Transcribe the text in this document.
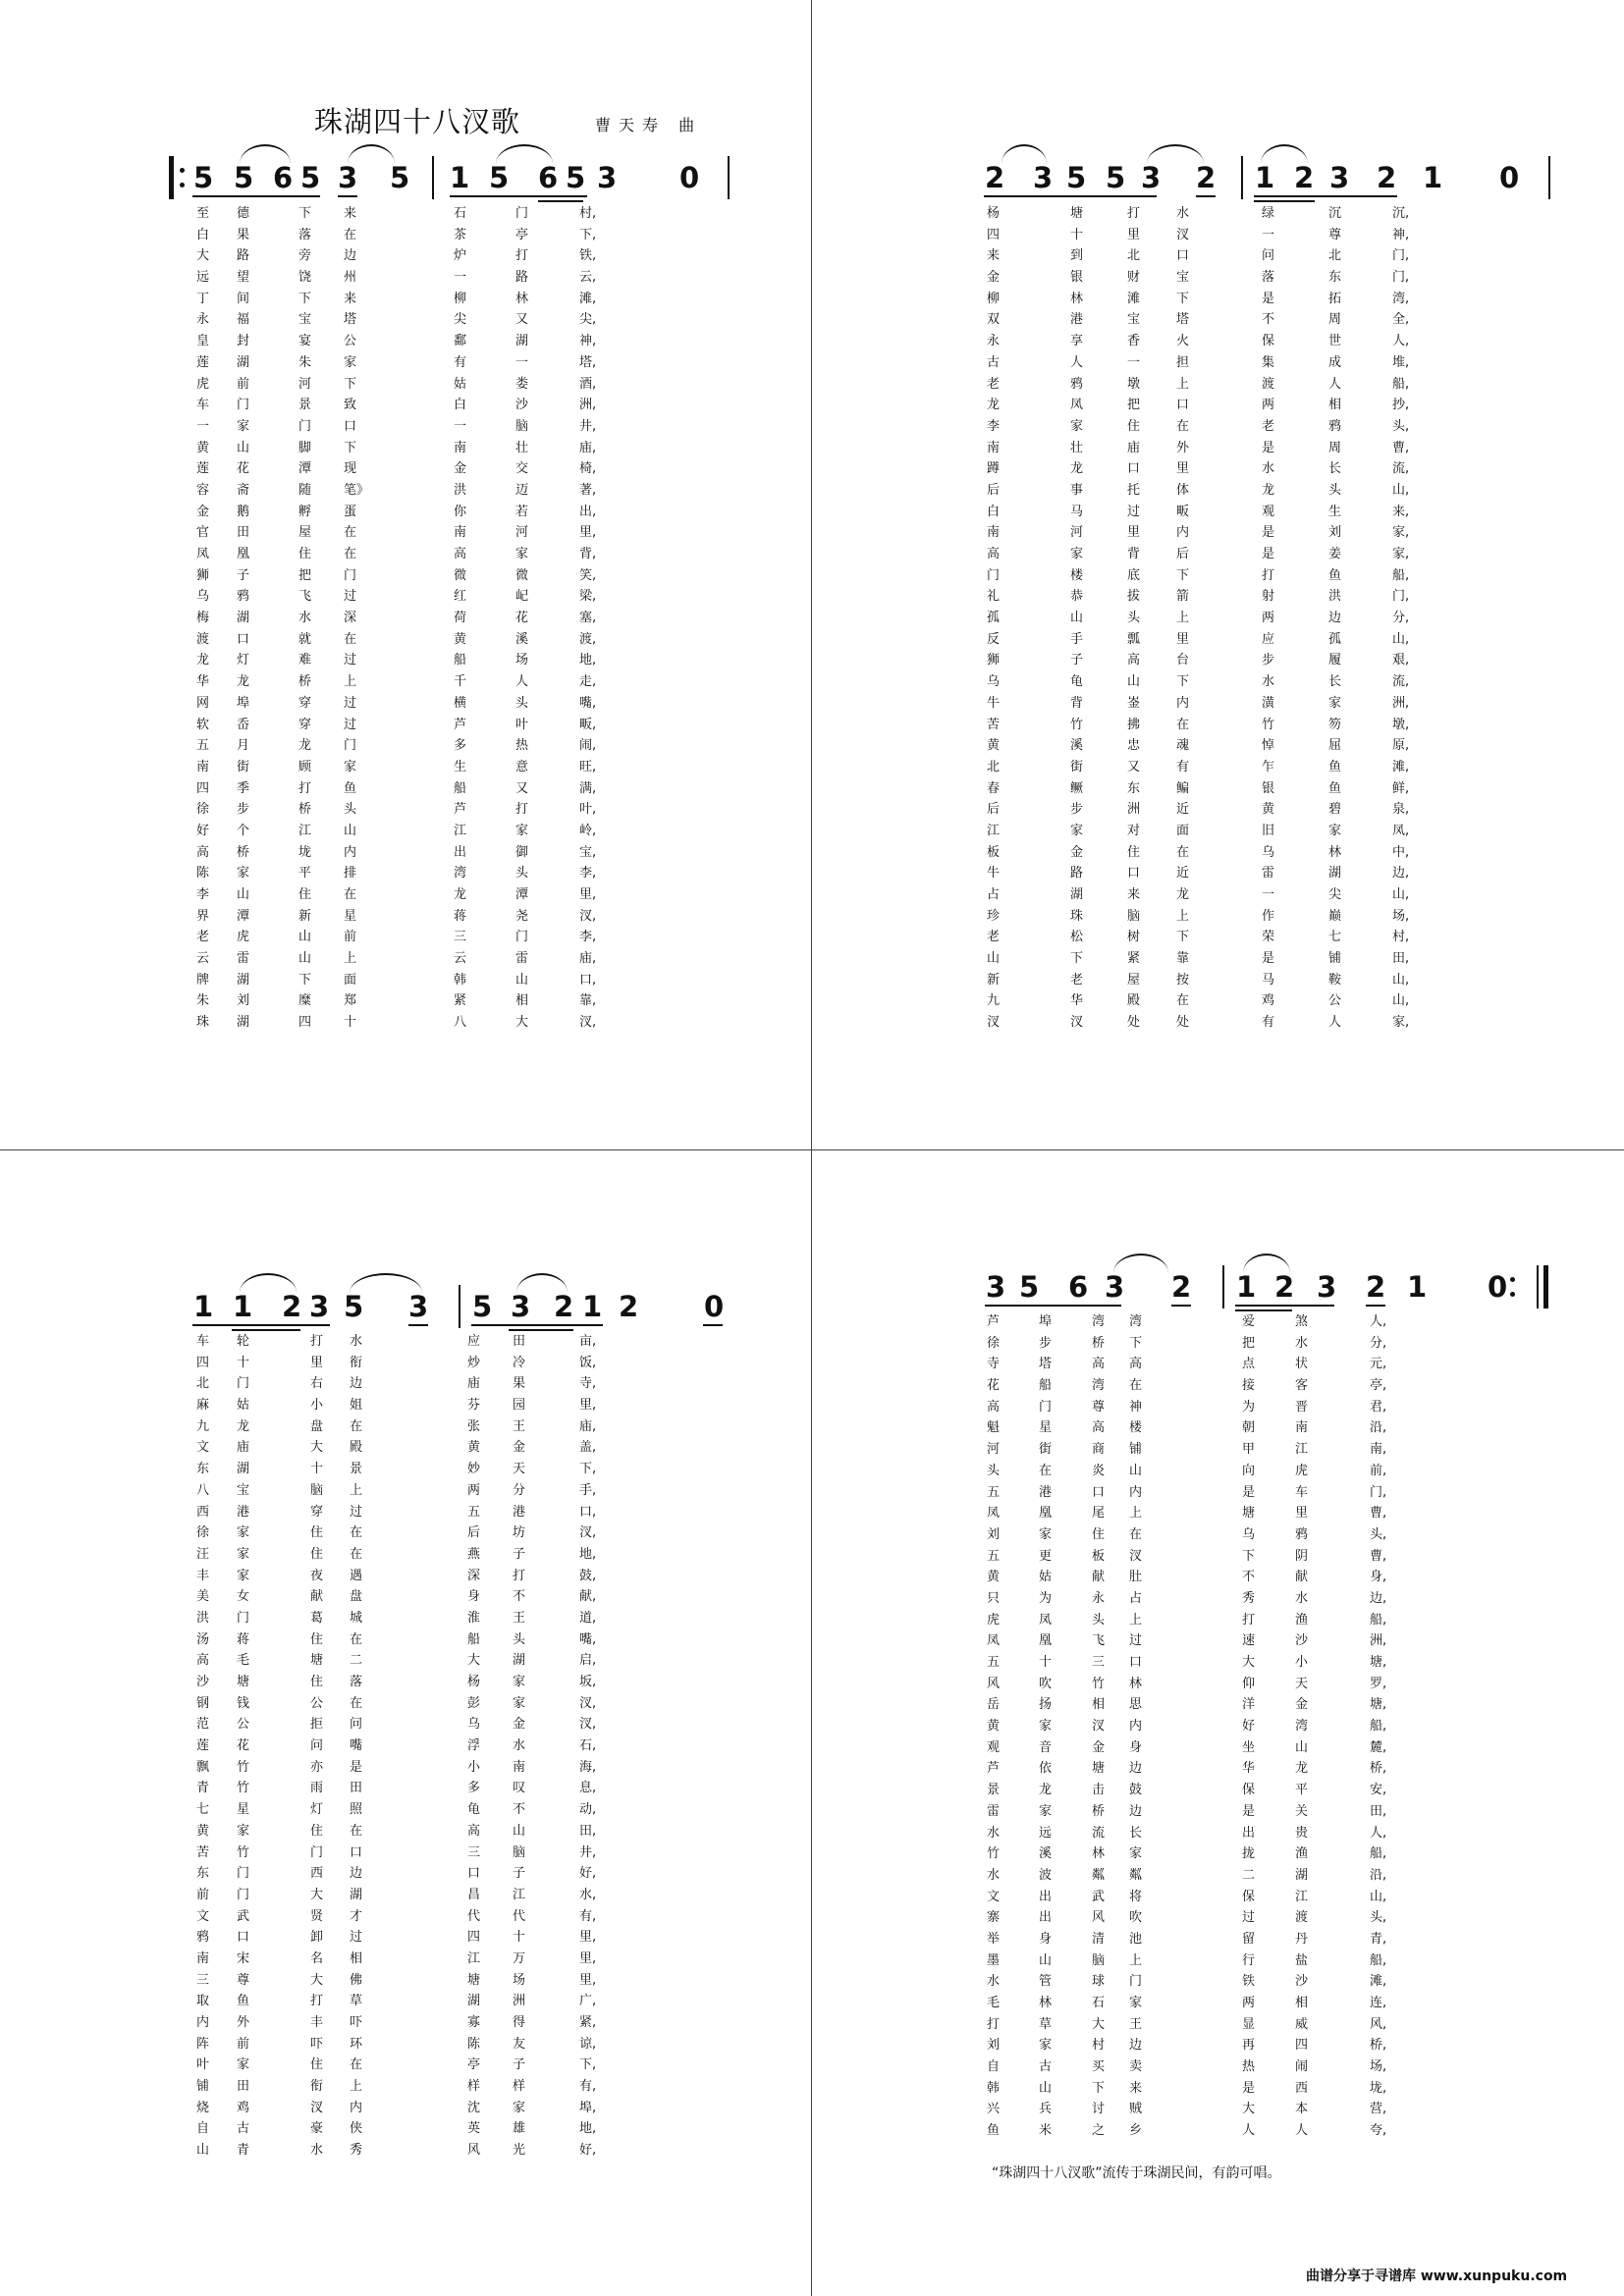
珠湖四十八汊歌	曹天寿 曲
5 5 6 5 3 5 1 5 6 5 3 0	2 3 5 5 3 2 1 2 3 2 1 0
1 1 2 3 5 3 5 3 2 1 2 0
3 5 6 3 2 1 2 3 2 1 0
至 德	下	来	石	门	村,
白 果	落	在	茶	亭	下,
大 路	旁	边	炉	打	铁,
远 望	饶	州	一	路	云,
丁 间	下	来	柳	林	滩,
永 福	宝	塔	尖	又	尖,
皇 封	宴	公	鄱	湖	神,
莲 湖	朱	家	有	一	塔,
虎 前	河	下	姑	娄	酒,
车 门	景	致	白	沙	洲,
一 家	门	口	一	脑	井,
黄 山	脚	下	南	壮	庙,
莲 花	潭	现	金	交	椅,
容 斋	随	笔》	洪	迈	著,
金 鹅	孵	蛋	你	若	出,
官 田	屋	在	南	河	里,
凤 凰	住	在	高	家	背,
狮 子	把	门	微	微	笑,
乌 鸦	飞	过	红	屺	梁,
梅 湖	水	深	荷	花	塞,
渡 口	就	在	黄	溪	渡,
龙 灯	难	过	船	场	地,
华 龙	桥	上	千	人	走,
网 埠	穿	过	横	头	嘴,
软 岙	穿	过	芦	叶	畈,
五 月	龙	门	多	热	闹,
南 街	顾	家	生	意	旺,
四 季	打	鱼	船	又	满,
徐 步	桥	头	芦	打	叶,
好 个	江	山	江	家	岭,
高 桥	垅	内	出	御	宝,
陈 家	平	排	湾	头	李,
李 山	住	在	龙	潭	里,
界 潭	新	星	蒋	尧	汊,
老 虎	山	前	三	门	李,
云 雷	山	上	云	雷	庙,
牌 湖	下	面	韩	山	口,
朱 刘	糜	郑	紧	相	靠,
珠 湖	四	十	八	大	汊,
杨	塘	打	水	绿	沉	沉,
四	十	里	汊	一	尊	神,
来	到	北	口	问	北	门,
金	银	财	宝	落	东	门,
柳	林	滩	下	是	拓	湾,
双	港	宝	塔	不	周	全,
永	享	香	火	保	世	人,
古	人	一	担	集	成	堆,
老	鸦	墩	上	渡	人	船,
龙	凤	把	口	两	相	抄,
李	家	住	在	老	鸦	头,
南	壮	庙	外	是	周	曹,
蹲	龙	口	里	水	长	流,
后	事	托	体	龙	头	山,
白	马	过	畈	观	生	来,
南	河	里	内	是	刘	家,
高	家	背	后	是	姜	家,
门	楼	底	下	打	鱼	船,
礼	恭	拔	箭	射	洪	门,
孤	山	头	上	两	边	分,
反	手	瓢	里	应	孤	山,
狮	子	高	台	步	履	艰,
乌	龟	山	下	水	长	流,
牛	背	崟	内	潢	家	洲,
苦	竹	拂	在	竹	笏	墩,
黄	溪	忠	魂	悼	屈	原,
北	街	又	有	乍	鱼	滩,
春	鳜	东	鳊	银	鱼	鲜,
后	步	洲	近	黄	碧	泉,
江	家	对	面	旧	家	凤,
板	金	住	在	乌	林	中,
牛	路	口	近	雷	湖	边,
占	湖	来	龙	一	尖	山,
珍	珠	脑	上	作	巅	场,
老	松	树	下	荣	七	村,
山	下	紧	靠	是	铺	田,
新	老	屋	按	马	鞍	山,
九	华	殿	在	鸡	公	山,
汊	汊	处	处	有	人	家,
车 轮	打 水	应	田	亩,
四 十	里 衔	炒	冷	饭,
北 门	右 边	庙	果	寺,
麻 姑	小 姐	芬	园	里,
九 龙	盘 在	张	王	庙,
文 庙	大 殿	黄	金	盖,
东 湖	十 景	妙	天	下,
八 宝	脑 上	两	分	手,
西 港	穿 过	五	港	口,
徐 家	住 在	后	坊	汊,
汪 家	住 在	燕	子	地,
丰 家	夜 遇	深	打	鼓,
美 女	献 盘	身	不	献,
洪 门	葛 城	淮	王	道,
汤 蒋	住 在	船	头	嘴,
高 毛	塘 二	大	湖	启,
沙 塘	住 落	杨	家	坂,
钢 钱	公 在	彭	家	汊,
范 公	拒 问	乌	金	汊,
莲 花	问 嘴	浮	水	石,
飘 竹	亦 是	小	南	海,
青 竹	雨 田	多	叹	息,
七 星	灯 照	龟	不	动,
黄 家	住 在	高	山	田,
苦 竹	门 口	三	脑	井,
东 门	西 边	口	子	好,
前 门	大 湖	昌	江	水,
文 武	贤 才	代	代	有,
鸦 口	卸 过	四	十	里,
南 宋	名 相	江	万	里,
三 尊	大 佛	塘	场	里,
取 鱼	打 草	湖	洲	广,
内 外	丰 吓	寡	得	紧,
阵 前	吓 环	陈	友	谅,
叶 家	住 在	亭	子	下,
铺 田	衔 上	样	样	有,
烧 鸡	汊 内	沈	家	埠,
自 古	豪 侠	英	雄	地,
山 青	水 秀	风	光	好,
芦	埠	湾 湾	爱	煞	人,
徐	步	桥 下	把	水	分,
寺	塔	高 高	点	状	元,
花	船	湾 在	接	客	亭,
高	门	尊 神	为	晋	君,
魁	星	高 楼	朝	南	沿,
河	街	商 铺	甲	江	南,
头	在	炎 山	向	虎	前,
五	港	口 内	是	车	门,
凤	凰	尾 上	塘	里	曹,
刘	家	住 在	乌	鸦	头,
五	更	板 汊	下	阴	曹,
黄	姑	献 肚	不	献	身,
只	为	永 占	秀	水	边,
虎	凤	头 上	打	渔	船,
凤	凰	飞 过	速	沙	洲,
五	十	三 口	大	小	塘,
风	吹	竹 林	仰	天	罗,
岳	扬	相 思	洋	金	塘,
黄	家	汊 内	好	湾	船,
观	音	金 身	坐	山	麓,
芦	依	塘 边	华	龙	桥,
景	龙	击 鼓	保	平	安,
雷	家	桥 边	是	关	田,
水	远	流 长	出	贵	人,
竹	溪	林 家	拢	渔	船,
水	波	粼 粼	二	湖	沿,
文	出	武 将	保	江	山,
寨	出	风 吹	过	渡	头,
举	身	清 池	留	丹	青,
墨	山	脑 上	行	盐	船,
水	管	球 门	铁	沙	滩,
毛	林	石 家	两	相	连,
打	草	大 王	显	威	风,
刘	家	村 边	再	四	桥,
自	古	买 卖	热	闹	场,
韩	山	下 来	是	西	垅,
兴	兵	讨 贼	大	本	营,
鱼	米	之 乡	人	人	夸,
“珠湖四十八汊歌”流传于珠湖民间，有韵可唱。
曲谱分享于寻谱库 www.xunpuku.com
